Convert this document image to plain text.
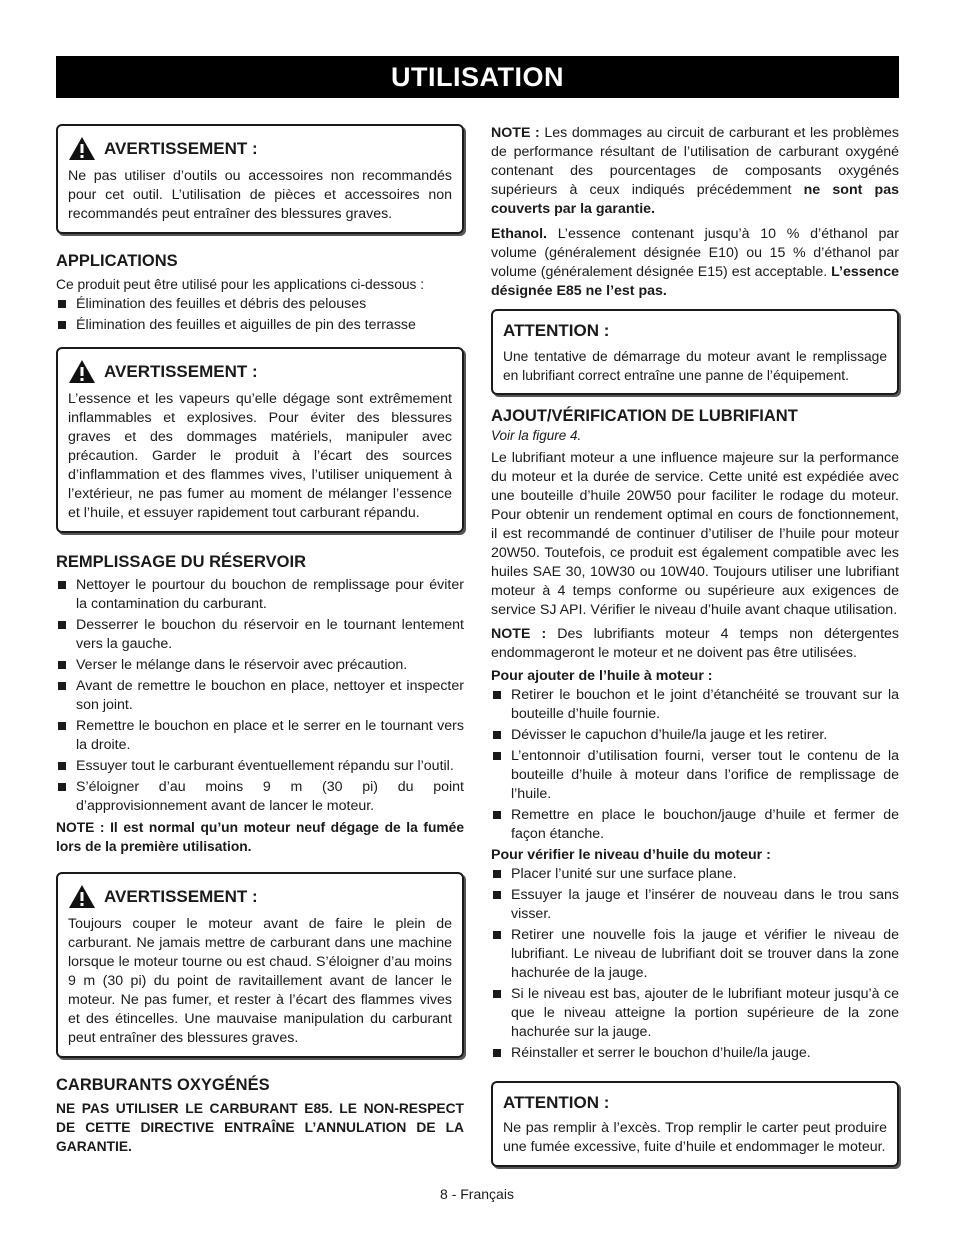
UTILISATION
AVERTISSEMENT :

Ne pas utiliser d’outils ou accessoires non recommandés pour cet outil. L’utilisation de pièces et accessoires non recommandés peut entraîner des blessures graves.

APPLICATIONS

Ce produit peut être utilisé pour les applications ci-dessous :

Élimination des feuilles et débris des pelouses
Élimination des feuilles et aiguilles de pin des terrasse
AVERTISSEMENT :

L’essence et les vapeurs qu’elle dégage sont extrêmement inflammables et explosives. Pour éviter des blessures graves et des dommages matériels, manipuler avec précaution. Garder le produit à l’écart des sources d’inflammation et des flammes vives, l’utiliser uniquement à l’extérieur, ne pas fumer au moment de mélanger l’essence et l’huile, et essuyer rapidement tout carburant répandu.

REMPLISSAGE DU RÉSERVOIR
Nettoyer le pourtour du bouchon de remplissage pour éviter la contamination du carburant.
Desserrer le bouchon du réservoir en le tournant lentement vers la gauche.
Verser le mélange dans le réservoir avec précaution.
Avant de remettre le bouchon en place, nettoyer et inspecter son joint.
Remettre le bouchon en place et le serrer en le tournant vers la droite.
Essuyer tout le carburant éventuellement répandu sur l’outil.
S’éloigner d’au moins 9 m (30 pi) du point d’approvisionnement avant de lancer le moteur.

NOTE : Il est normal qu’un moteur neuf dégage de la fumée lors de la première utilisation.

AVERTISSEMENT :

Toujours couper le moteur avant de faire le plein de carburant. Ne jamais mettre de carburant dans une machine lorsque le moteur tourne ou est chaud. S’éloigner d’au moins 9 m (30 pi) du point de ravitaillement avant de lancer le moteur. Ne pas fumer, et rester à l’écart des flammes vives et des étincelles. Une mauvaise manipulation du carburant peut entraîner des blessures graves.

CARBURANTS OXYGÉNÉS

NE PAS UTILISER LE CARBURANT E85. LE NON-RESPECT DE CETTE DIRECTIVE ENTRAÎNE L’ANNULATION DE LA GARANTIE.

NOTE : Les dommages au circuit de carburant et les problèmes de performance résultant de l’utilisation de carburant oxygéné contenant des pourcentages de composants oxygénés supérieurs à ceux indiqués précédemment ne sont pas couverts par la garantie.

Ethanol. L’essence contenant jusqu’à 10 % d’éthanol par volume (généralement désignée E10) ou 15 % d’éthanol par volume (généralement désignée E15) est acceptable. L’essence désignée E85 ne l’est pas.

ATTENTION :

Une tentative de démarrage du moteur avant le remplissage en lubrifiant correct entraîne une panne de l’équipement.

AJOUT/VÉRIFICATION DE LUBRIFIANT

Voir la figure 4.

Le lubrifiant moteur a une influence majeure sur la performance du moteur et la durée de service. Cette unité est expédiée avec une bouteille d’huile 20W50 pour faciliter le rodage du moteur. Pour obtenir un rendement optimal en cours de fonctionnement, il est recommandé de continuer d’utiliser de l’huile pour moteur 20W50. Toutefois, ce produit est également compatible avec les huiles SAE 30, 10W30 ou 10W40. Toujours utiliser une lubrifiant moteur à 4 temps conforme ou supérieure aux exigences de service SJ API. Vérifier le niveau d’huile avant chaque utilisation.

NOTE : Des lubrifiants moteur 4 temps non détergentes endommageront le moteur et ne doivent pas être utilisées.

Pour ajouter de l’huile à moteur :

Retirer le bouchon et le joint d’étanchéité se trouvant sur la bouteille d’huile fournie.
Dévisser le capuchon d’huile/la jauge et les retirer.
L’entonnoir d’utilisation fourni, verser tout le contenu de la bouteille d’huile à moteur dans l’orifice de remplissage de l’huile.
Remettre en place le bouchon/jauge d’huile et fermer de façon étanche.

Pour vérifier le niveau d’huile du moteur :

Placer l’unité sur une surface plane.
Essuyer la jauge et l’insérer de nouveau dans le trou sans visser.
Retirer une nouvelle fois la jauge et vérifier le niveau de lubrifiant. Le niveau de lubrifiant doit se trouver dans la zone hachurée de la jauge.
Si le niveau est bas, ajouter de le lubrifiant moteur jusqu’à ce que le niveau atteigne la portion supérieure de la zone hachurée sur la jauge.
Réinstaller et serrer le bouchon d’huile/la jauge.
ATTENTION :

Ne pas remplir à l’excès. Trop remplir le carter peut produire une fumée excessive, fuite d’huile et endommager le moteur.

8 - Français
